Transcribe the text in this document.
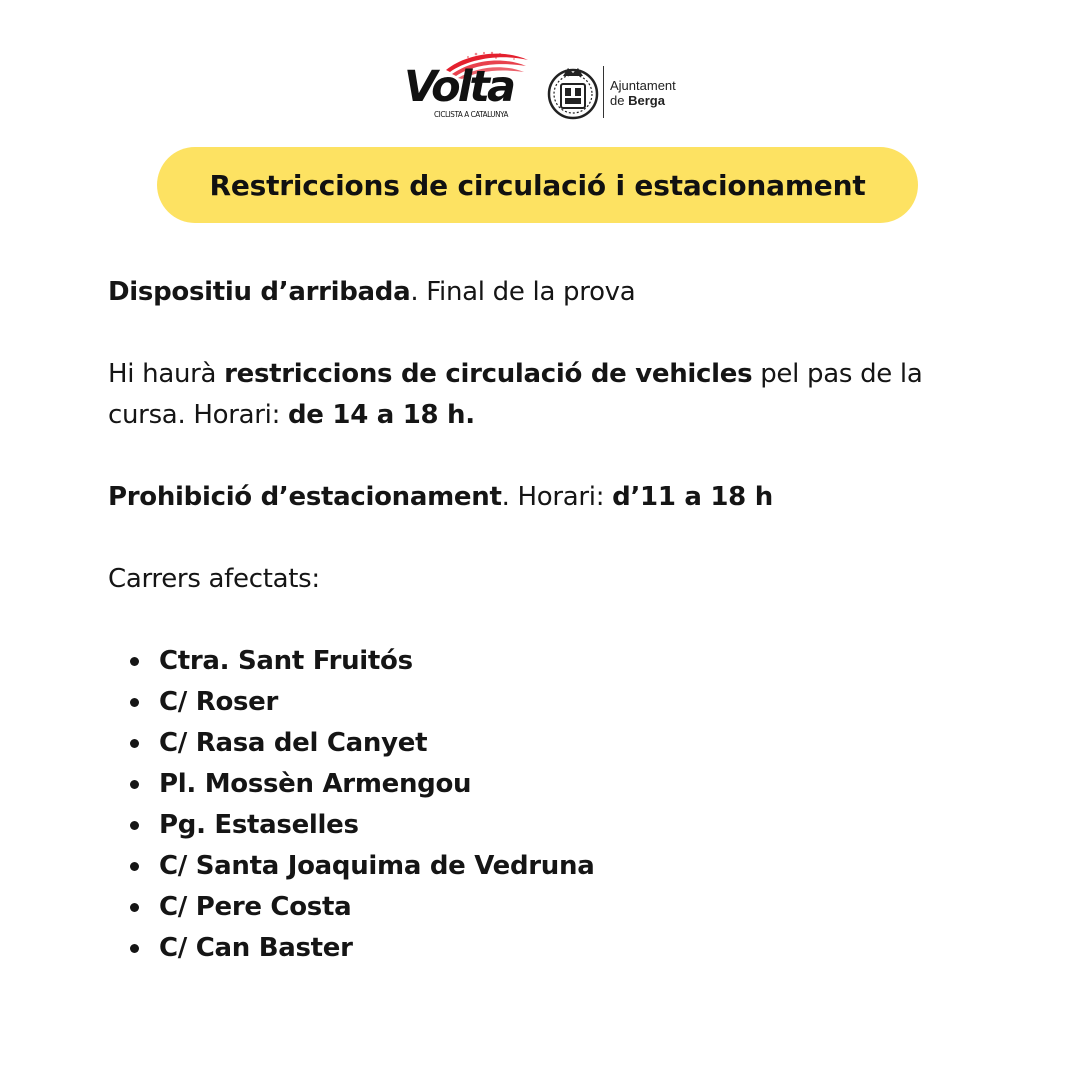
Volta
CICLISTA A CATALUNYA
Ajuntament
de Berga
Restriccions de circulació i estacionament

Dispositiu d’arribada. Final de la prova

Hi haurà restriccions de circulació de vehicles pel pas de la cursa. Horari: de 14 a 18 h.

Prohibició d’estacionament. Horari: d’11 a 18 h

Carrers afectats:

Ctra. Sant Fruitós
C/ Roser
C/ Rasa del Canyet
Pl. Mossèn Armengou
Pg. Estaselles
C/ Santa Joaquima de Vedruna
C/ Pere Costa
C/ Can Baster
